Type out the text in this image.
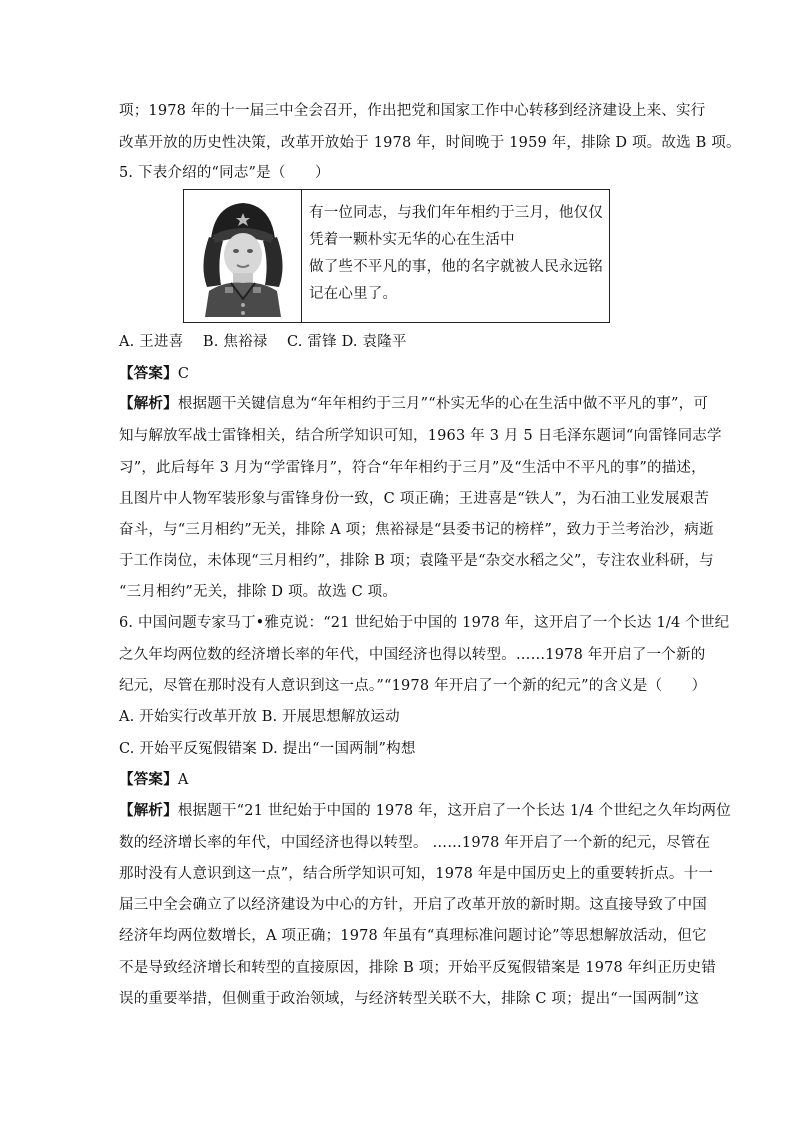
项；1978 年的十一届三中全会召开，作出把党和国家工作中心转移到经济建设上来、实行
改革开放的历史性决策，改革开放始于 1978 年，时间晚于 1959 年，排除 D 项。故选 B 项。
5. 下表介绍的“同志”是（　　）
有一位同志，与我们年年相约于三月，他仅仅
凭着一颗朴实无华的心在生活中
做了些不平凡的事，他的名字就被人民永远铭
记在心里了。
A. 王进喜　 B. 焦裕禄　 C. 雷锋 D. 袁隆平
【答案】C
【解析】根据题干关键信息为“年年相约于三月”“朴实无华的心在生活中做不平凡的事”，可
知与解放军战士雷锋相关，结合所学知识可知，1963 年 3 月 5 日毛泽东题词“向雷锋同志学
习”，此后每年 3 月为“学雷锋月”，符合“年年相约于三月”及“生活中不平凡的事”的描述，
且图片中人物军装形象与雷锋身份一致，C 项正确；王进喜是“铁人”，为石油工业发展艰苦
奋斗，与“三月相约”无关，排除 A 项；焦裕禄是“县委书记的榜样”，致力于兰考治沙，病逝
于工作岗位，未体现“三月相约”，排除 B 项；袁隆平是“杂交水稻之父”，专注农业科研，与
“三月相约”无关，排除 D 项。故选 C 项。
6. 中国问题专家马丁•雅克说：“21 世纪始于中国的 1978 年，这开启了一个长达 1/4 个世纪
之久年均两位数的经济增长率的年代，中国经济也得以转型。……1978 年开启了一个新的
纪元，尽管在那时没有人意识到这一点。”“1978 年开启了一个新的纪元”的含义是（　　）
A. 开始实行改革开放 B. 开展思想解放运动
C. 开始平反冤假错案 D. 提出“一国两制”构想
【答案】A
【解析】根据题干“21 世纪始于中国的 1978 年，这开启了一个长达 1/4 个世纪之久年均两位
数的经济增长率的年代，中国经济也得以转型。 ……1978 年开启了一个新的纪元，尽管在
那时没有人意识到这一点”，结合所学知识可知，1978 年是中国历史上的重要转折点。十一
届三中全会确立了以经济建设为中心的方针，开启了改革开放的新时期。这直接导致了中国
经济年均两位数增长，A 项正确；1978 年虽有“真理标准问题讨论”等思想解放活动，但它
不是导致经济增长和转型的直接原因，排除 B 项；开始平反冤假错案是 1978 年纠正历史错
误的重要举措，但侧重于政治领域，与经济转型关联不大，排除 C 项；提出“一国两制”这
